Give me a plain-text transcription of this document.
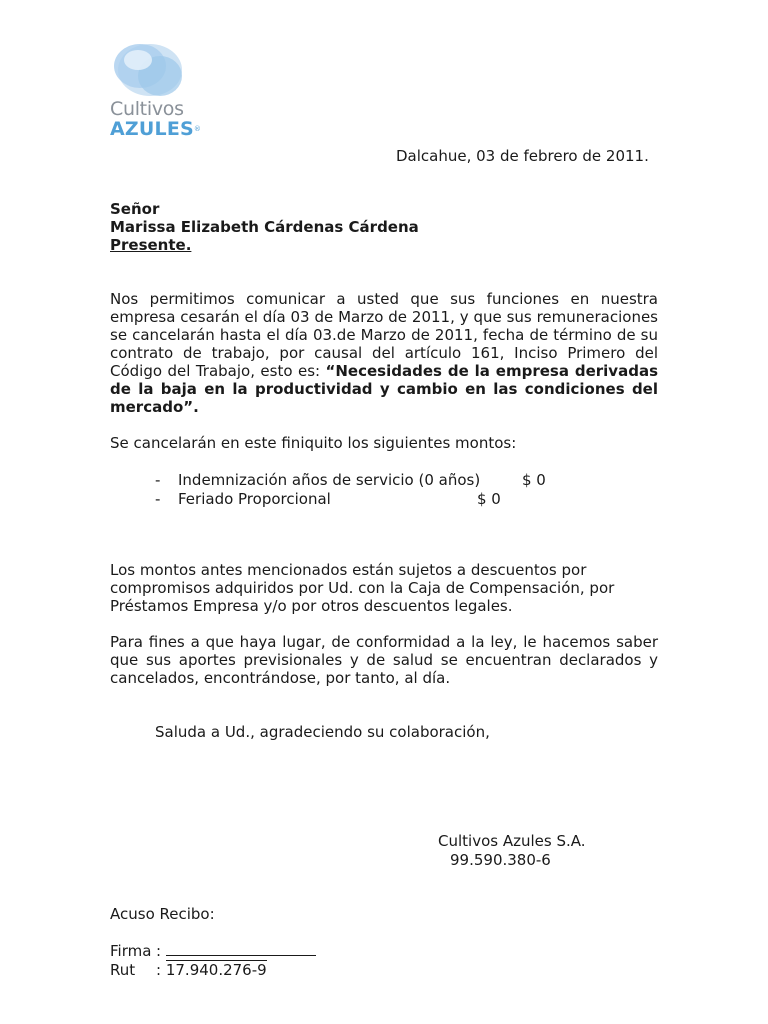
Cultivos
AZULES®
Dalcahue, 03 de febrero de 2011.
Señor
Marissa Elizabeth Cárdenas Cárdena
Presente.
Nos permitimos comunicar a usted que sus funciones en nuestra empresa cesarán el día 03 de Marzo de 2011, y que sus remuneraciones se cancelarán hasta el día 03.de Marzo de 2011, fecha de término de su contrato de trabajo, por causal del artículo 161, Inciso Primero del Código del Trabajo, esto es: “Necesidades de la empresa derivadas de la baja en la productividad y cambio en las condiciones del mercado”.
Se cancelarán en este finiquito los siguientes montos:
- Indemnización años de servicio (0 años)	$ 0
- Feriado Proporcional	$ 0
Los montos antes mencionados están sujetos a descuentos por
compromisos adquiridos por Ud. con la Caja de Compensación, por
Préstamos Empresa y/o por otros descuentos legales.
Para fines a que haya lugar, de conformidad a la ley, le hacemos saber que sus aportes previsionales y de salud se encuentran declarados y cancelados, encontrándose, por tanto, al día.
Saluda a Ud., agradeciendo su colaboración,
Cultivos Azules S.A.
99.590.380-6
Acuso Recibo:
Firma :
Rut : 17.940.276-9
